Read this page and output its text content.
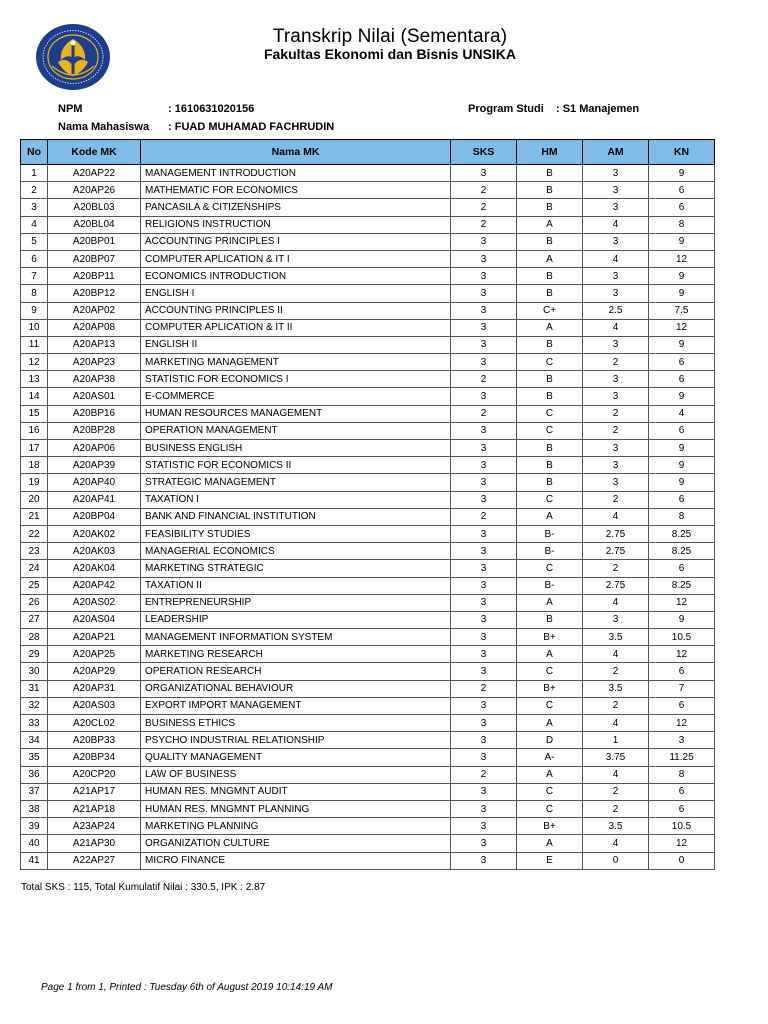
Transkrip Nilai (Sementara)
Fakultas Ekonomi dan Bisnis UNSIKA
NPM	: 1610631020156
Nama Mahasiswa : FUAD MUHAMAD FACHRUDIN
Program Studi : S1 Manajemen
No	Kode MK	Nama MK	SKS	HM	AM	KN
1	A20AP22	MANAGEMENT INTRODUCTION	3	B	3	9
2	A20AP26	MATHEMATIC FOR ECONOMICS	2	B	3	6
3	A20BL03	PANCASILA & CITIZENSHIPS	2	B	3	6
4	A20BL04	RELIGIONS INSTRUCTION	2	A	4	8
5	A20BP01	ACCOUNTING PRINCIPLES I	3	B	3	9
6	A20BP07	COMPUTER APLICATION & IT I	3	A	4	12
7	A20BP11	ECONOMICS INTRODUCTION	3	B	3	9
8	A20BP12	ENGLISH I	3	B	3	9
9	A20AP02	ACCOUNTING PRINCIPLES II	3	C+	2.5	7.5
10	A20AP08	COMPUTER APLICATION & IT II	3	A	4	12
11	A20AP13	ENGLISH II	3	B	3	9
12	A20AP23	MARKETING MANAGEMENT	3	C	2	6
13	A20AP38	STATISTIC FOR ECONOMICS I	2	B	3	6
14	A20AS01	E-COMMERCE	3	B	3	9
15	A20BP16	HUMAN RESOURCES MANAGEMENT	2	C	2	4
16	A20BP28	OPERATION MANAGEMENT	3	C	2	6
17	A20AP06	BUSINESS ENGLISH	3	B	3	9
18	A20AP39	STATISTIC FOR ECONOMICS II	3	B	3	9
19	A20AP40	STRATEGIC MANAGEMENT	3	B	3	9
20	A20AP41	TAXATION I	3	C	2	6
21	A20BP04	BANK AND FINANCIAL INSTITUTION	2	A	4	8
22	A20AK02	FEASIBILITY STUDIES	3	B-	2.75	8.25
23	A20AK03	MANAGERIAL ECONOMICS	3	B-	2.75	8.25
24	A20AK04	MARKETING STRATEGIC	3	C	2	6
25	A20AP42	TAXATION II	3	B-	2.75	8.25
26	A20AS02	ENTREPRENEURSHIP	3	A	4	12
27	A20AS04	LEADERSHIP	3	B	3	9
28	A20AP21	MANAGEMENT INFORMATION SYSTEM	3	B+	3.5	10.5
29	A20AP25	MARKETING RESEARCH	3	A	4	12
30	A20AP29	OPERATION RESEARCH	3	C	2	6
31	A20AP31	ORGANIZATIONAL BEHAVIOUR	2	B+	3.5	7
32	A20AS03	EXPORT IMPORT MANAGEMENT	3	C	2	6
33	A20CL02	BUSINESS ETHICS	3	A	4	12
34	A20BP33	PSYCHO INDUSTRIAL RELATIONSHIP	3	D	1	3
35	A20BP34	QUALITY MANAGEMENT	3	A-	3.75	11.25
36	A20CP20	LAW OF BUSINESS	2	A	4	8
37	A21AP17	HUMAN RES. MNGMNT AUDIT	3	C	2	6
38	A21AP18	HUMAN RES. MNGMNT PLANNING	3	C	2	6
39	A23AP24	MARKETING PLANNING	3	B+	3.5	10.5
40	A21AP30	ORGANIZATION CULTURE	3	A	4	12
41	A22AP27	MICRO FINANCE	3	E	0	0
Total SKS : 115, Total Kumulatif Nilai : 330.5, IPK : 2.87
Page 1 from 1, Printed : Tuesday 6th of August 2019 10:14:19 AM
